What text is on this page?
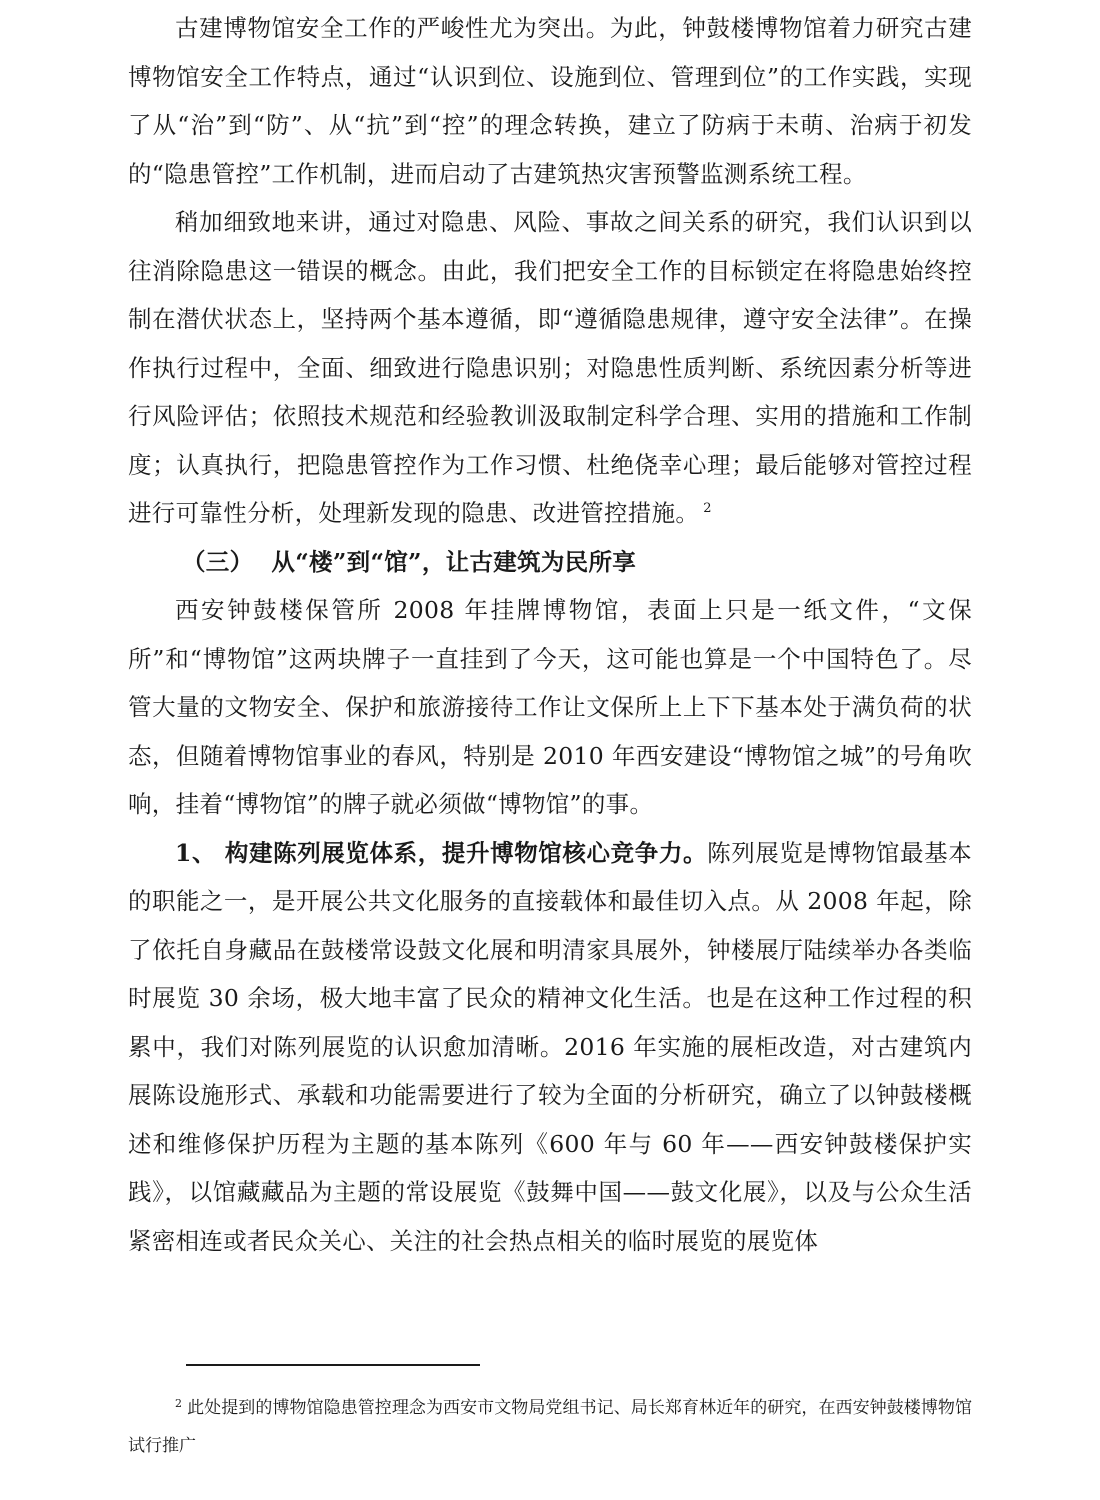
古建博物馆安全工作的严峻性尤为突出。为此，钟鼓楼博物馆着力研究古建博物馆安全工作特点，通过“认识到位、设施到位、管理到位”的工作实践，实现了从“治”到“防”、从“抗”到“控”的理念转换，建立了防病于未萌、治病于初发的“隐患管控”工作机制，进而启动了古建筑热灾害预警监测系统工程。

稍加细致地来讲，通过对隐患、风险、事故之间关系的研究，我们认识到以往消除隐患这一错误的概念。由此，我们把安全工作的目标锁定在将隐患始终控制在潜伏状态上，坚持两个基本遵循，即“遵循隐患规律，遵守安全法律”。在操作执行过程中，全面、细致进行隐患识别；对隐患性质判断、系统因素分析等进行风险评估；依照技术规范和经验教训汲取制定科学合理、实用的措施和工作制度；认真执行，把隐患管控作为工作习惯、杜绝侥幸心理；最后能够对管控过程进行可靠性分析，处理新发现的隐患、改进管控措施。 $^2$

（三） 从“楼”到“馆”，让古建筑为民所享

西安钟鼓楼保管所 2008 年挂牌博物馆，表面上只是一纸文件，“文保所”和“博物馆”这两块牌子一直挂到了今天，这可能也算是一个中国特色了。尽管大量的文物安全、保护和旅游接待工作让文保所上上下下基本处于满负荷的状态，但随着博物馆事业的春风，特别是 2010 年西安建设“博物馆之城”的号角吹响，挂着“博物馆”的牌子就必须做“博物馆”的事。

1、 构建陈列展览体系，提升博物馆核心竞争力。陈列展览是博物馆最基本的职能之一，是开展公共文化服务的直接载体和最佳切入点。从 2008 年起，除了依托自身藏品在鼓楼常设鼓文化展和明清家具展外，钟楼展厅陆续举办各类临时展览 30 余场，极大地丰富了民众的精神文化生活。也是在这种工作过程的积累中，我们对陈列展览的认识愈加清晰。2016 年实施的展柜改造，对古建筑内展陈设施形式、承载和功能需要进行了较为全面的分析研究，确立了以钟鼓楼概述和维修保护历程为主题的基本陈列《600 年与 60 年——西安钟鼓楼保护实践》，以馆藏藏品为主题的常设展览《鼓舞中国——鼓文化展》，以及与公众生活紧密相连或者民众关心、关注的社会热点相关的临时展览的展览体

$^2$ 此处提到的博物馆隐患管控理念为西安市文物局党组书记、局长郑育林近年的研究，在西安钟鼓楼博物馆试行推广
